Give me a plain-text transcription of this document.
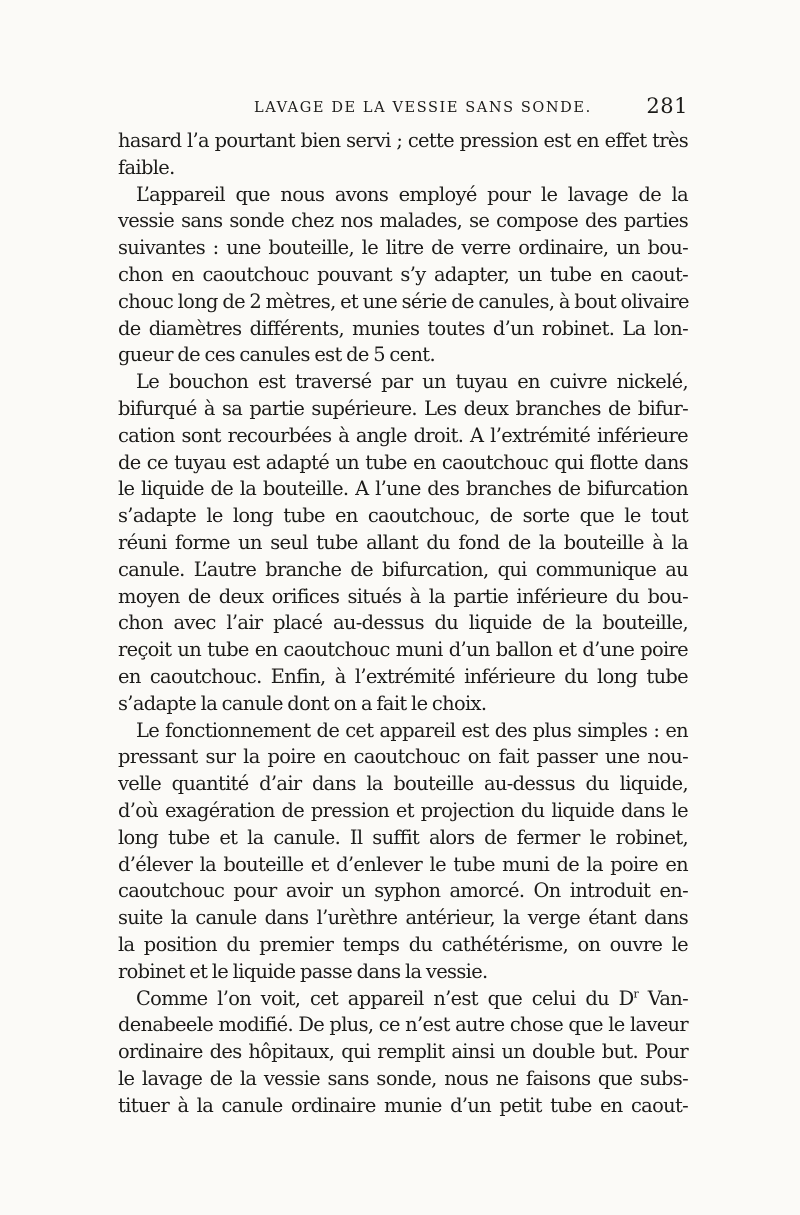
LAVAGE DE LA VESSIE SANS SONDE.	281
hasard l’a pourtant bien servi ; cette pression est en effet très
faible.
L’appareil que nous avons employé pour le lavage de la
vessie sans sonde chez nos malades, se compose des parties
suivantes : une bouteille, le litre de verre ordinaire, un bou-
chon en caoutchouc pouvant s’y adapter, un tube en caout-
chouc long de 2 mètres, et une série de canules, à bout olivaire
de diamètres différents, munies toutes d’un robinet. La lon-
gueur de ces canules est de 5 cent.
Le bouchon est traversé par un tuyau en cuivre nickelé,
bifurqué à sa partie supérieure. Les deux branches de bifur-
cation sont recourbées à angle droit. A l’extrémité inférieure
de ce tuyau est adapté un tube en caoutchouc qui flotte dans
le liquide de la bouteille. A l’une des branches de bifurcation
s’adapte le long tube en caoutchouc, de sorte que le tout
réuni forme un seul tube allant du fond de la bouteille à la
canule. L’autre branche de bifurcation, qui communique au
moyen de deux orifices situés à la partie inférieure du bou-
chon avec l’air placé au-dessus du liquide de la bouteille,
reçoit un tube en caoutchouc muni d’un ballon et d’une poire
en caoutchouc. Enfin, à l’extrémité inférieure du long tube
s’adapte la canule dont on a fait le choix.
Le fonctionnement de cet appareil est des plus simples : en
pressant sur la poire en caoutchouc on fait passer une nou-
velle quantité d’air dans la bouteille au-dessus du liquide,
d’où exagération de pression et projection du liquide dans le
long tube et la canule. Il suffit alors de fermer le robinet,
d’élever la bouteille et d’enlever le tube muni de la poire en
caoutchouc pour avoir un syphon amorcé. On introduit en-
suite la canule dans l’urèthre antérieur, la verge étant dans
la position du premier temps du cathétérisme, on ouvre le
robinet et le liquide passe dans la vessie.
Comme l’on voit, cet appareil n’est que celui du $D^r$ Van-
denabeele modifié. De plus, ce n’est autre chose que le laveur
ordinaire des hôpitaux, qui remplit ainsi un double but. Pour
le lavage de la vessie sans sonde, nous ne faisons que subs-
tituer à la canule ordinaire munie d’un petit tube en caout-
